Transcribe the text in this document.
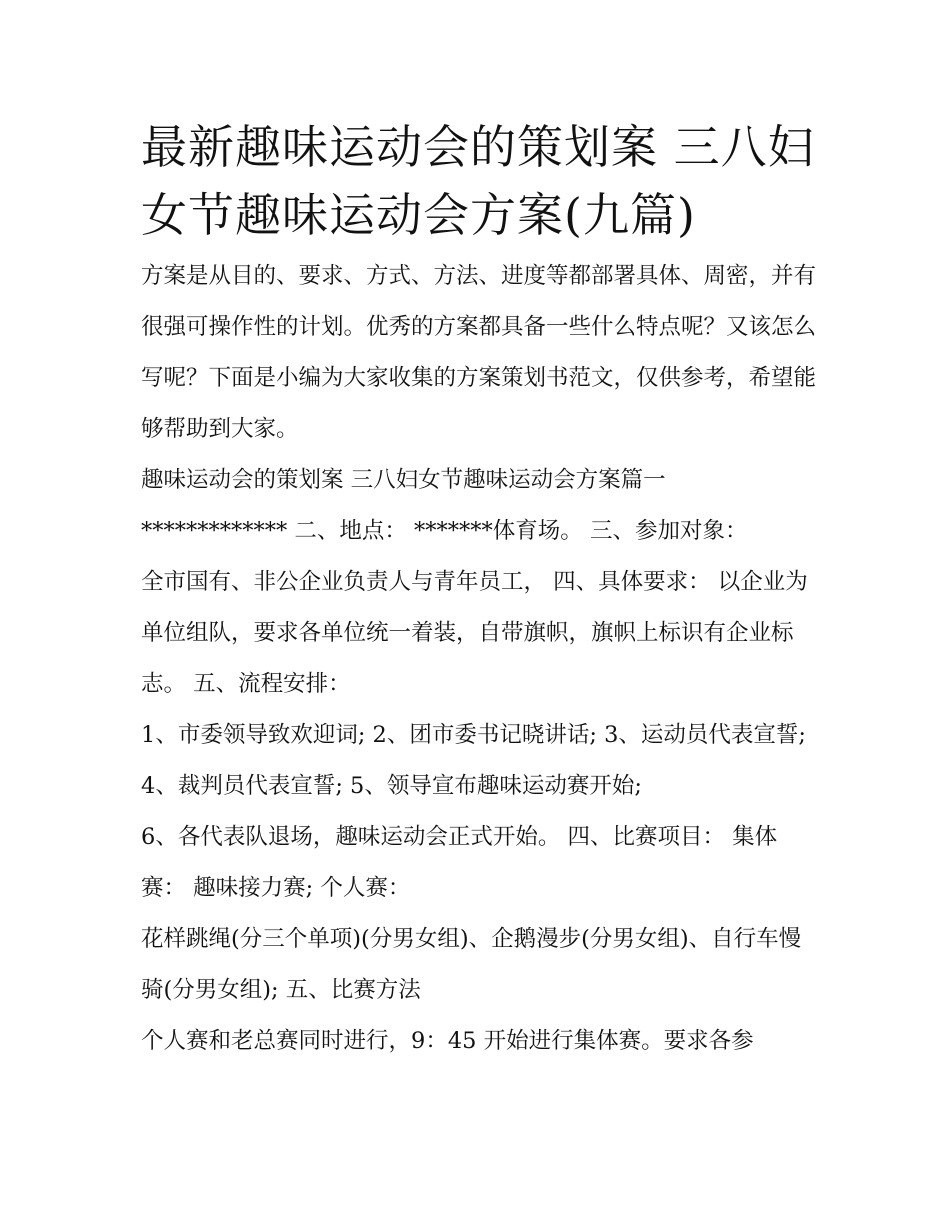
最新趣味运动会的策划案 三八妇女节趣味运动会方案(九篇)

方案是从目的、要求、方式、方法、进度等都部署具体、周密，并有很强可操作性的计划。优秀的方案都具备一些什么特点呢？又该怎么写呢？下面是小编为大家收集的方案策划书范文，仅供参考，希望能够帮助到大家。

趣味运动会的策划案 三八妇女节趣味运动会方案篇一

************* 二、地点： *******体育场。 三、参加对象：

全市国有、非公企业负责人与青年员工， 四、具体要求： 以企业为单位组队，要求各单位统一着装，自带旗帜，旗帜上标识有企业标志。 五、流程安排：

1、市委领导致欢迎词; 2、团市委书记晓讲话; 3、运动员代表宣誓; 4、裁判员代表宣誓; 5、领导宣布趣味运动赛开始;

6、各代表队退场，趣味运动会正式开始。 四、比赛项目： 集体赛： 趣味接力赛; 个人赛：

花样跳绳(分三个单项)(分男女组)、企鹅漫步(分男女组)、自行车慢骑(分男女组); 五、比赛方法

个人赛和老总赛同时进行，9：45 开始进行集体赛。要求各参
